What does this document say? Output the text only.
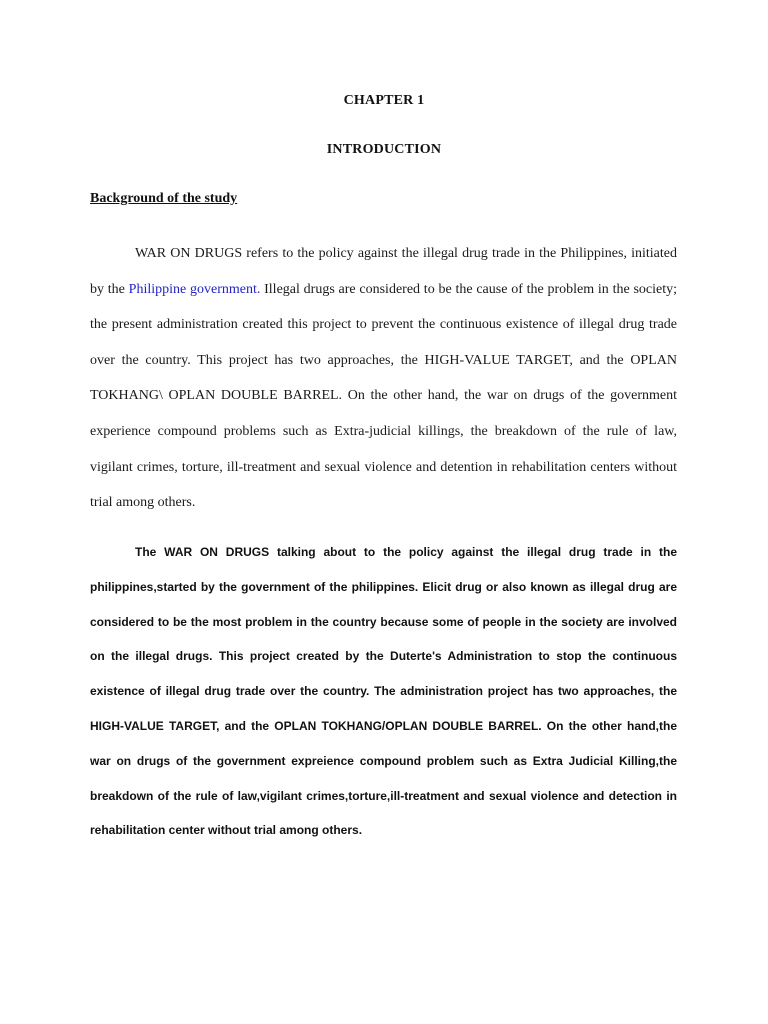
CHAPTER 1
INTRODUCTION
Background of the study

WAR ON DRUGS refers to the policy against the illegal drug trade in the Philippines, initiated by the Philippine government. Illegal drugs are considered to be the cause of the problem in the society; the present administration created this project to prevent the continuous existence of illegal drug trade over the country. This project has two approaches, the HIGH-VALUE TARGET, and the OPLAN TOKHANG\ OPLAN DOUBLE BARREL. On the other hand, the war on drugs of the government experience compound problems such as Extra-judicial killings, the breakdown of the rule of law, vigilant crimes, torture, ill-treatment and sexual violence and detention in rehabilitation centers without trial among others.

The WAR ON DRUGS talking about to the policy against the illegal drug trade in the philippines,started by the government of the philippines. Elicit drug or also known as illegal drug are considered to be the most problem in the country because some of people in the society are involved on the illegal drugs. This project created by the Duterte's Administration to stop the continuous existence of illegal drug trade over the country. The administration project has two approaches, the HIGH-VALUE TARGET, and the OPLAN TOKHANG/OPLAN DOUBLE BARREL. On the other hand,the war on drugs of the government expreience compound problem such as Extra Judicial Killing,the breakdown of the rule of law,vigilant crimes,torture,ill-treatment and sexual violence and detection in rehabilitation center without trial among others.
